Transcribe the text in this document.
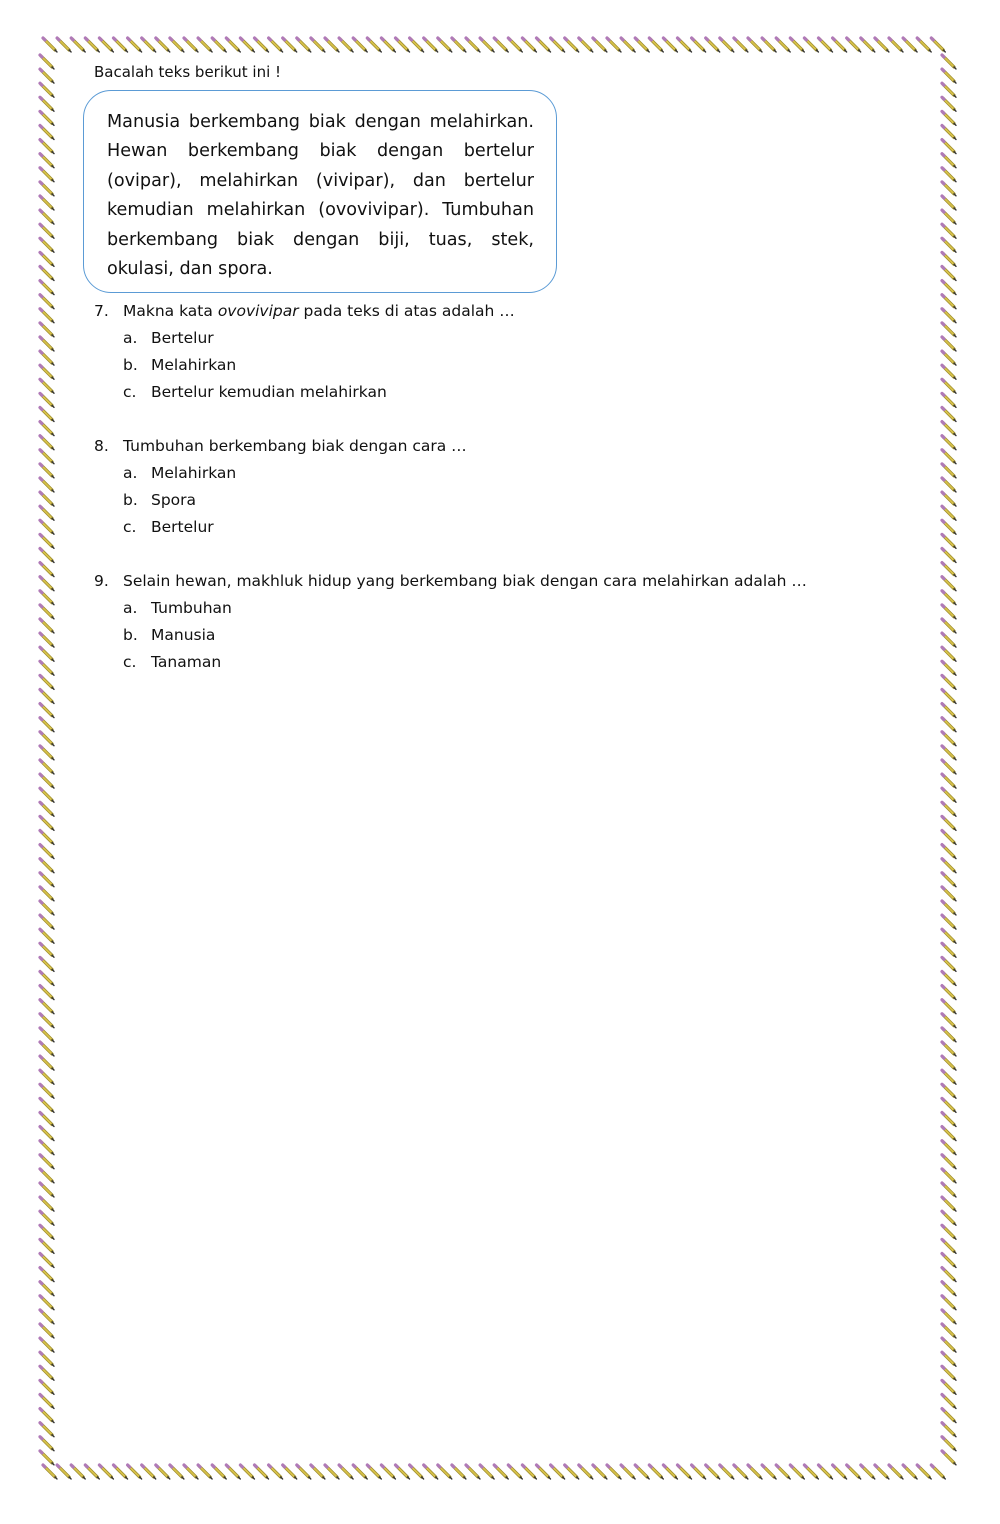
Bacalah teks berikut ini !

Manusia berkembang biak dengan melahirkan. Hewan berkembang biak dengan bertelur (ovipar), melahirkan (vivipar), dan bertelur kemudian melahirkan (ovovivipar). Tumbuhan berkembang biak dengan biji, tuas, stek, okulasi, dan spora.

7. Makna kata ovovivipar pada teks di atas adalah …
a. Bertelur
b. Melahirkan
c. Bertelur kemudian melahirkan
8. Tumbuhan berkembang biak dengan cara …
a. Melahirkan
b. Spora
c. Bertelur
9. Selain hewan, makhluk hidup yang berkembang biak dengan cara melahirkan adalah …
a. Tumbuhan
b. Manusia
c. Tanaman
